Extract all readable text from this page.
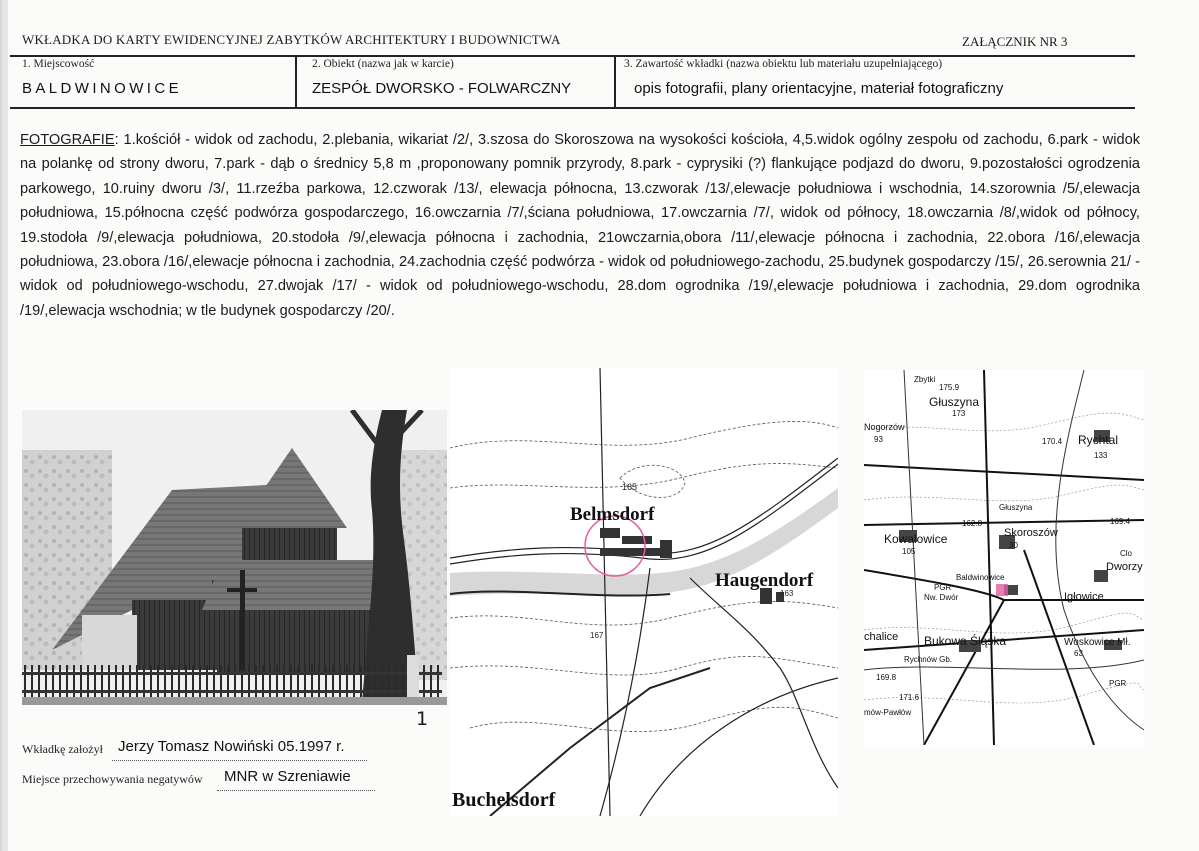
WKŁADKA DO KARTY EWIDENCYJNEJ ZABYTKÓW ARCHITEKTURY I BUDOWNICTWA	ZAŁĄCZNIK NR 3
1. Miejscowość
BALDWINOWICE
2. Obiekt (nazwa jak w karcie)
ZESPÓŁ DWORSKO - FOLWARCZNY
3. Zawartość wkładki (nazwa obiektu lub materiału uzupełniającego)
opis fotografii, plany orientacyjne, materiał fotograficzny
FOTOGRAFIE: 1.kościół - widok od zachodu, 2.plebania, wikariat /2/, 3.szosa do Skoroszowa na wysokości kościoła, 4,5.widok ogólny zespołu od zachodu, 6.park - widok na polankę od strony dworu, 7.park - dąb o średnicy 5,8 m ,proponowany pomnik przyrody, 8.park - cyprysiki (?) flankujące podjazd do dworu, 9.pozostałości ogrodzenia parkowego, 10.ruiny dworu /3/, 11.rzeźba parkowa, 12.czworak /13/, elewacja północna, 13.czworak /13/,elewacje południowa i wschodnia, 14.szorownia /5/,elewacja południowa, 15.północna część podwórza gospodarczego, 16.owczarnia /7/,ściana południowa, 17.owczarnia /7/, widok od północy, 18.owczarnia /8/,widok od północy, 19.stodoła /9/,elewacja południowa, 20.stodoła /9/,elewacja północna i zachodnia, 21owczarnia,obora /11/,elewacje północna i zachodnia, 22.obora /16/,elewacja południowa, 23.obora /16/,elewacje północna i zachodnia, 24.zachodnia część podwórza - widok od południowego-zachodu, 25.budynek gospodarczy /15/, 26.serownia 21/ - widok od południowego-wschodu, 27.dwojak /17/ - widok od południowego-wschodu, 28.dom ogrodnika /19/,elewacje południowa i zachodnia, 29.dom ogrodnika /19/,elewacja wschodnia; w tle budynek gospodarczy /20/.
1
Belmsdorf
Haugendorf
Buchelsdorf
165
163
167
Zbytki
175.9
Głuszyna
173
Nogorzów
93	Rychtal
170.4
133
Głuszyna
162.8
Kowalowice
105
Skoroszów
30
169.4
Clo
Dworzy
Baldwinowice
PGR
Nw. Dwór	Igłowice
Bukowa Śląska	Woskowice Mł.
chalice
Rychnów Gb.
63
169.8
171.6
PGR
mów-Pawłów
Wkładkę założył Jerzy Tomasz Nowiński 05.1997 r.
Miejsce przechowywania negatywów MNR w Szreniawie
